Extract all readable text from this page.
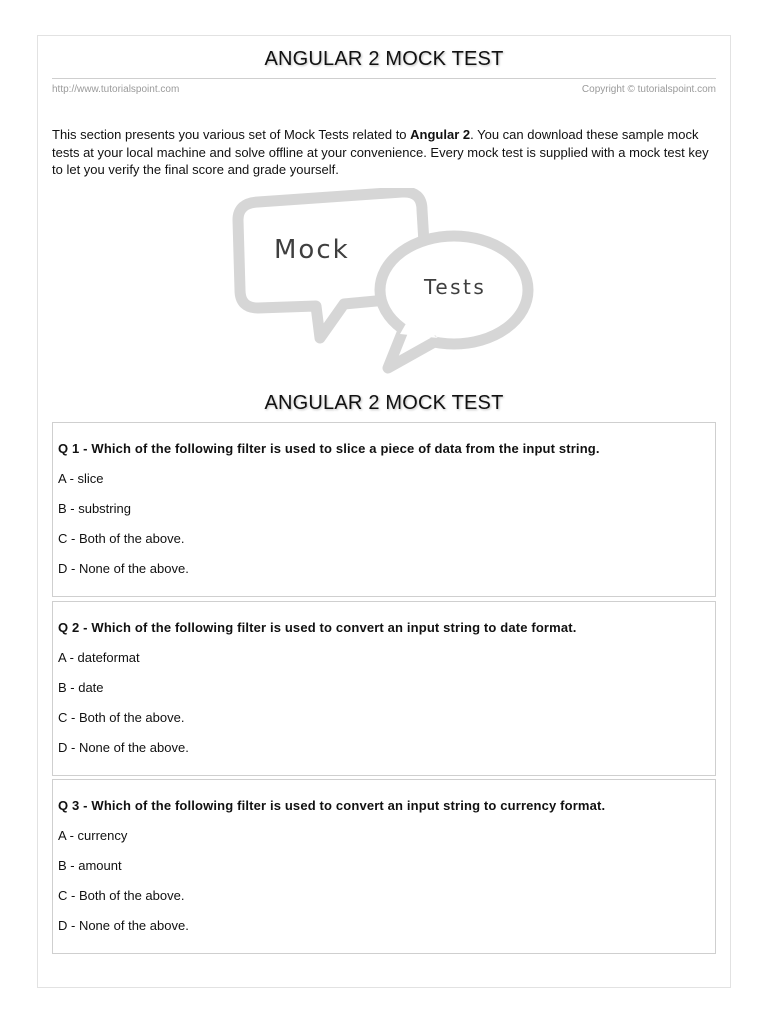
ANGULAR 2 MOCK TEST
http://www.tutorialspoint.com	Copyright © tutorialspoint.com
This section presents you various set of Mock Tests related to Angular 2. You can download these sample mock tests at your local machine and solve offline at your convenience. Every mock test is supplied with a mock test key to let you verify the final score and grade yourself.
Mock
Tests
ANGULAR 2 MOCK TEST
Q 1 - Which of the following filter is used to slice a piece of data from the input string.
A - slice
B - substring
C - Both of the above.
D - None of the above.
Q 2 - Which of the following filter is used to convert an input string to date format.
A - dateformat
B - date
C - Both of the above.
D - None of the above.
Q 3 - Which of the following filter is used to convert an input string to currency format.
A - currency
B - amount
C - Both of the above.
D - None of the above.
